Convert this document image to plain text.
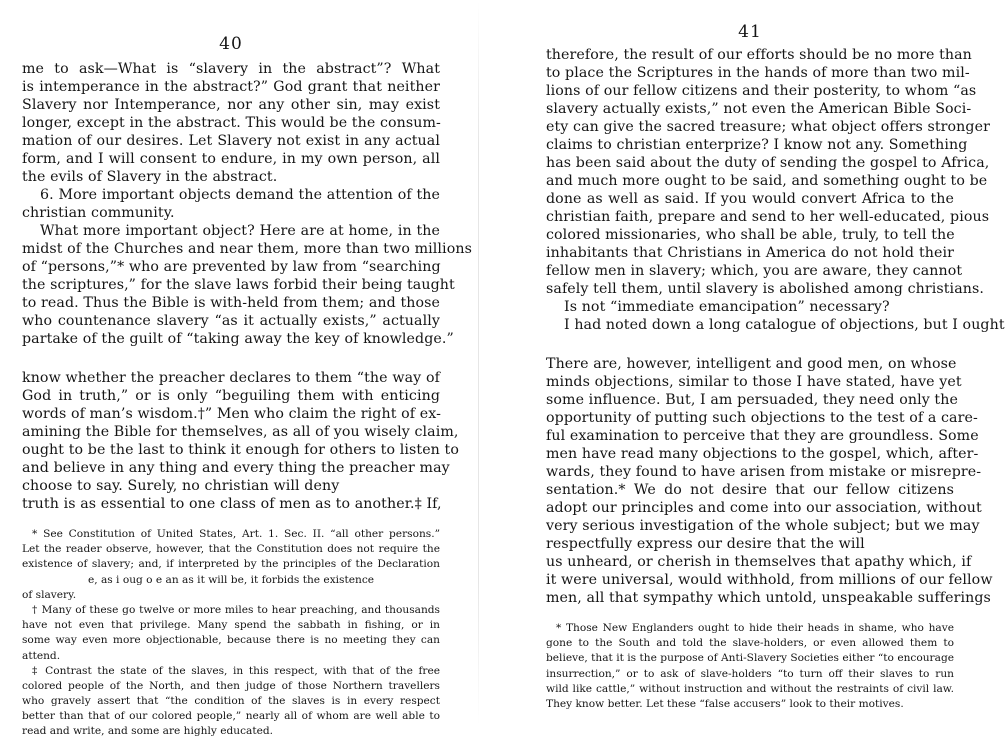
40
me to ask—What is “slavery in the abstract”? What
is intemperance in the abstract?” God grant that neither
Slavery nor Intemperance, nor any other sin, may exist
longer, except in the abstract. This would be the consum-
mation of our desires. Let Slavery not exist in any actual
form, and I will consent to endure, in my own person, all
the evils of Slavery in the abstract.
6. More important objects demand the attention of the
christian community.
What more important object? Here are at home, in the
midst of the Churches and near them, more than two millions
of “persons,”* who are prevented by law from “searching
the scriptures,” for the slave laws forbid their being taught
to read. Thus the Bible is with-held from them; and those
who countenance slavery “as it actually exists,” actually
partake of the guilt of “taking away the key of knowledge.”
know whether the preacher declares to them “the way of
God in truth,” or is only “beguiling them with enticing
words of man’s wisdom.†” Men who claim the right of ex-
amining the Bible for themselves, as all of you wisely claim,
ought to be the last to think it enough for others to listen to
and believe in any thing and every thing the preacher may
choose to say. Surely, no christian will deny
truth is as essential to one class of men as to another.‡ If,
* See Constitution of United States, Art. 1. Sec. II. “all other persons.”
Let the reader observe, however, that the Constitution does not require the
existence of slavery; and, if interpreted by the principles of the Declaration
e, as i oug o e an as it will be, it forbids the existence
of slavery.
† Many of these go twelve or more miles to hear preaching, and thousands
have not even that privilege. Many spend the sabbath in fishing, or in
some way even more objectionable, because there is no meeting they can
attend.
‡ Contrast the state of the slaves, in this respect, with that of the free
colored people of the North, and then judge of those Northern travellers
who gravely assert that “the condition of the slaves is in every respect
better than that of our colored people,” nearly all of whom are well able to
read and write, and some are highly educated.
41
therefore, the result of our efforts should be no more than
to place the Scriptures in the hands of more than two mil-
lions of our fellow citizens and their posterity, to whom “as
slavery actually exists,” not even the American Bible Soci-
ety can give the sacred treasure; what object offers stronger
claims to christian enterprize? I know not any. Something
has been said about the duty of sending the gospel to Africa,
and much more ought to be said, and something ought to be
done as well as said. If you would convert Africa to the
christian faith, prepare and send to her well-educated, pious
colored missionaries, who shall be able, truly, to tell the
inhabitants that Christians in America do not hold their
fellow men in slavery; which, you are aware, they cannot
safely tell them, until slavery is abolished among christians.
Is not “immediate emancipation” necessary?
I had noted down a long catalogue of objections, but I ought
There are, however, intelligent and good men, on whose
minds objections, similar to those I have stated, have yet
some influence. But, I am persuaded, they need only the
opportunity of putting such objections to the test of a care-
ful examination to perceive that they are groundless. Some
men have read many objections to the gospel, which, after-
wards, they found to have arisen from mistake or misrepre-
sentation.* We do not desire that our fellow citizens
adopt our principles and come into our association, without
very serious investigation of the whole subject; but we may
respectfully express our desire that the will
us unheard, or cherish in themselves that apathy which, if
it were universal, would withhold, from millions of our fellow
men, all that sympathy which untold, unspeakable sufferings
* Those New Englanders ought to hide their heads in shame, who have
gone to the South and told the slave-holders, or even allowed them to
believe, that it is the purpose of Anti-Slavery Societies either “to encourage
insurrection,” or to ask of slave-holders “to turn off their slaves to run
wild like cattle,” without instruction and without the restraints of civil law.
They know better. Let these “false accusers” look to their motives.
